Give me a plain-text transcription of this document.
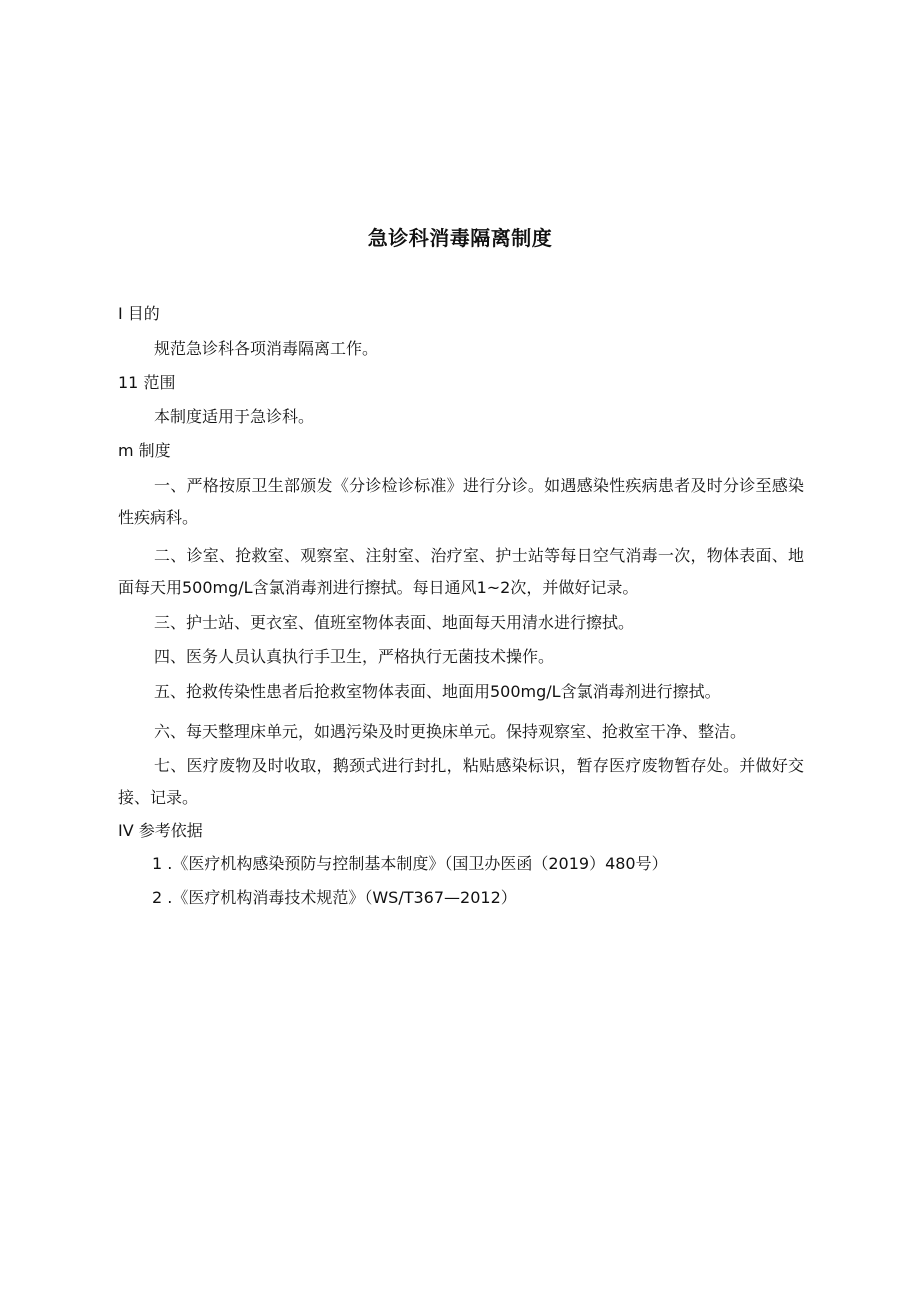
急诊科消毒隔离制度
I 目的

规范急诊科各项消毒隔离工作。

11 范围

本制度适用于急诊科。

m 制度

一、严格按原卫生部颁发《分诊检诊标准》进行分诊。如遇感染性疾病患者及时分诊至感染性疾病科。

二、诊室、抢救室、观察室、注射室、治疗室、护士站等每日空气消毒一次，物体表面、地面每天用500mg/L含氯消毒剂进行擦拭。每日通风1~2次，并做好记录。

三、护士站、更衣室、值班室物体表面、地面每天用清水进行擦拭。

四、医务人员认真执行手卫生，严格执行无菌技术操作。

五、抢救传染性患者后抢救室物体表面、地面用500mg/L含氯消毒剂进行擦拭。

六、每天整理床单元，如遇污染及时更换床单元。保持观察室、抢救室干净、整洁。

七、医疗废物及时收取，鹅颈式进行封扎，粘贴感染标识，暂存医疗废物暂存处。并做好交接、记录。

IV 参考依据
1 .《医疗机构感染预防与控制基本制度》（国卫办医函（2019）480号）
2 .《医疗机构消毒技术规范》（WS/T367—2012）
